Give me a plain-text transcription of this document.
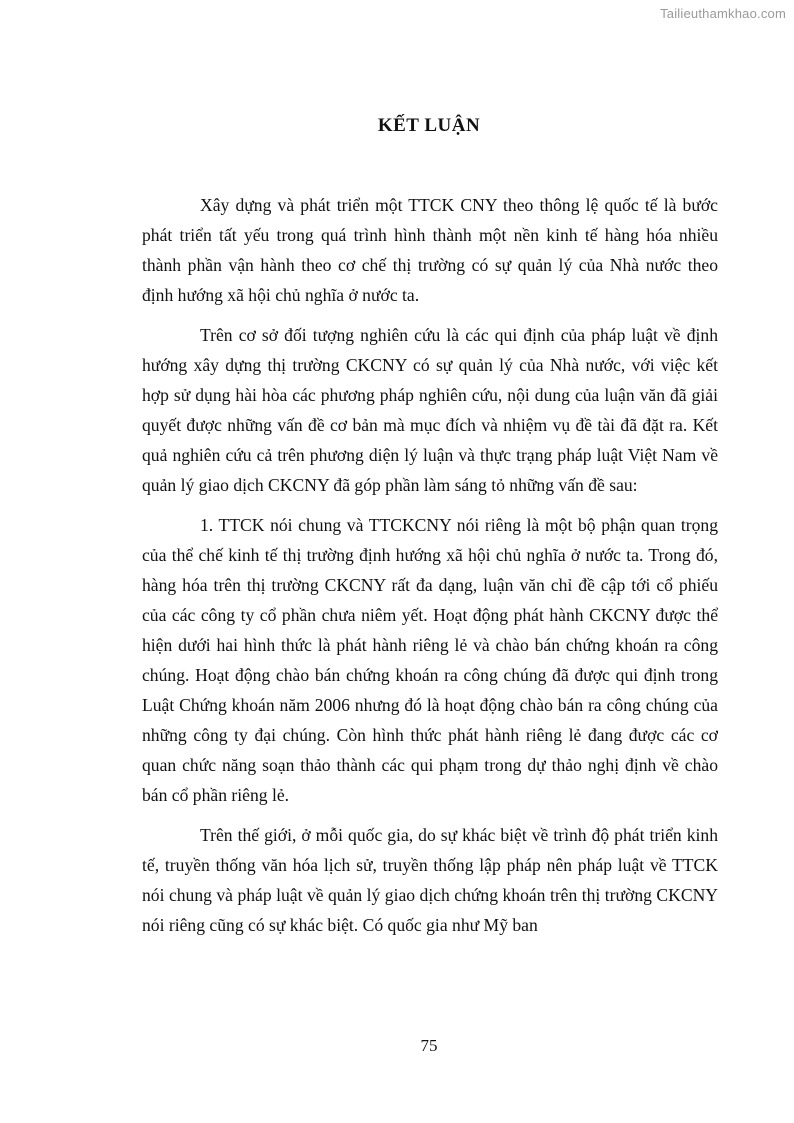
Tailieuthamkhao.com
KẾT LUẬN

Xây dựng và phát triển một TTCK CNY theo thông lệ quốc tế là bước phát triển tất yếu trong quá trình hình thành một nền kinh tế hàng hóa nhiều thành phần vận hành theo cơ chế thị trường có sự quản lý của Nhà nước theo định hướng xã hội chủ nghĩa ở nước ta.

Trên cơ sở đối tượng nghiên cứu là các qui định của pháp luật về định hướng xây dựng thị trường CKCNY có sự quản lý của Nhà nước, với việc kết hợp sử dụng hài hòa các phương pháp nghiên cứu, nội dung của luận văn đã giải quyết được những vấn đề cơ bản mà mục đích và nhiệm vụ đề tài đã đặt ra. Kết quả nghiên cứu cả trên phương diện lý luận và thực trạng pháp luật Việt Nam về quản lý giao dịch CKCNY đã góp phần làm sáng tỏ những vấn đề sau:

1. TTCK nói chung và TTCKCNY nói riêng là một bộ phận quan trọng của thể chế kinh tế thị trường định hướng xã hội chủ nghĩa ở nước ta. Trong đó, hàng hóa trên thị trường CKCNY rất đa dạng, luận văn chỉ đề cập tới cổ phiếu của các công ty cổ phần chưa niêm yết. Hoạt động phát hành CKCNY được thể hiện dưới hai hình thức là phát hành riêng lẻ và chào bán chứng khoán ra công chúng. Hoạt động chào bán chứng khoán ra công chúng đã được qui định trong Luật Chứng khoán năm 2006 nhưng đó là hoạt động chào bán ra công chúng của những công ty đại chúng. Còn hình thức phát hành riêng lẻ đang được các cơ quan chức năng soạn thảo thành các qui phạm trong dự thảo nghị định về chào bán cổ phần riêng lẻ.

Trên thế giới, ở mỗi quốc gia, do sự khác biệt về trình độ phát triển kinh tế, truyền thống văn hóa lịch sử, truyền thống lập pháp nên pháp luật về TTCK nói chung và pháp luật về quản lý giao dịch chứng khoán trên thị trường CKCNY nói riêng cũng có sự khác biệt. Có quốc gia như Mỹ ban

75
